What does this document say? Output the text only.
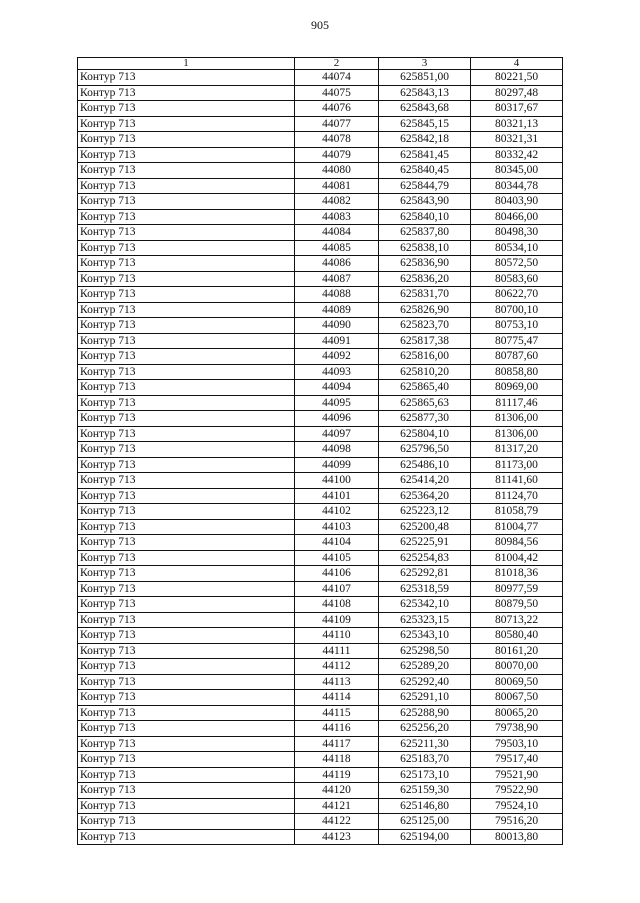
905
1	2	3	4
Контур 713	44074	625851,00	80221,50
Контур 713	44075	625843,13	80297,48
Контур 713	44076	625843,68	80317,67
Контур 713	44077	625845,15	80321,13
Контур 713	44078	625842,18	80321,31
Контур 713	44079	625841,45	80332,42
Контур 713	44080	625840,45	80345,00
Контур 713	44081	625844,79	80344,78
Контур 713	44082	625843,90	80403,90
Контур 713	44083	625840,10	80466,00
Контур 713	44084	625837,80	80498,30
Контур 713	44085	625838,10	80534,10
Контур 713	44086	625836,90	80572,50
Контур 713	44087	625836,20	80583,60
Контур 713	44088	625831,70	80622,70
Контур 713	44089	625826,90	80700,10
Контур 713	44090	625823,70	80753,10
Контур 713	44091	625817,38	80775,47
Контур 713	44092	625816,00	80787,60
Контур 713	44093	625810,20	80858,80
Контур 713	44094	625865,40	80969,00
Контур 713	44095	625865,63	81117,46
Контур 713	44096	625877,30	81306,00
Контур 713	44097	625804,10	81306,00
Контур 713	44098	625796,50	81317,20
Контур 713	44099	625486,10	81173,00
Контур 713	44100	625414,20	81141,60
Контур 713	44101	625364,20	81124,70
Контур 713	44102	625223,12	81058,79
Контур 713	44103	625200,48	81004,77
Контур 713	44104	625225,91	80984,56
Контур 713	44105	625254,83	81004,42
Контур 713	44106	625292,81	81018,36
Контур 713	44107	625318,59	80977,59
Контур 713	44108	625342,10	80879,50
Контур 713	44109	625323,15	80713,22
Контур 713	44110	625343,10	80580,40
Контур 713	44111	625298,50	80161,20
Контур 713	44112	625289,20	80070,00
Контур 713	44113	625292,40	80069,50
Контур 713	44114	625291,10	80067,50
Контур 713	44115	625288,90	80065,20
Контур 713	44116	625256,20	79738,90
Контур 713	44117	625211,30	79503,10
Контур 713	44118	625183,70	79517,40
Контур 713	44119	625173,10	79521,90
Контур 713	44120	625159,30	79522,90
Контур 713	44121	625146,80	79524,10
Контур 713	44122	625125,00	79516,20
Контур 713	44123	625194,00	80013,80
